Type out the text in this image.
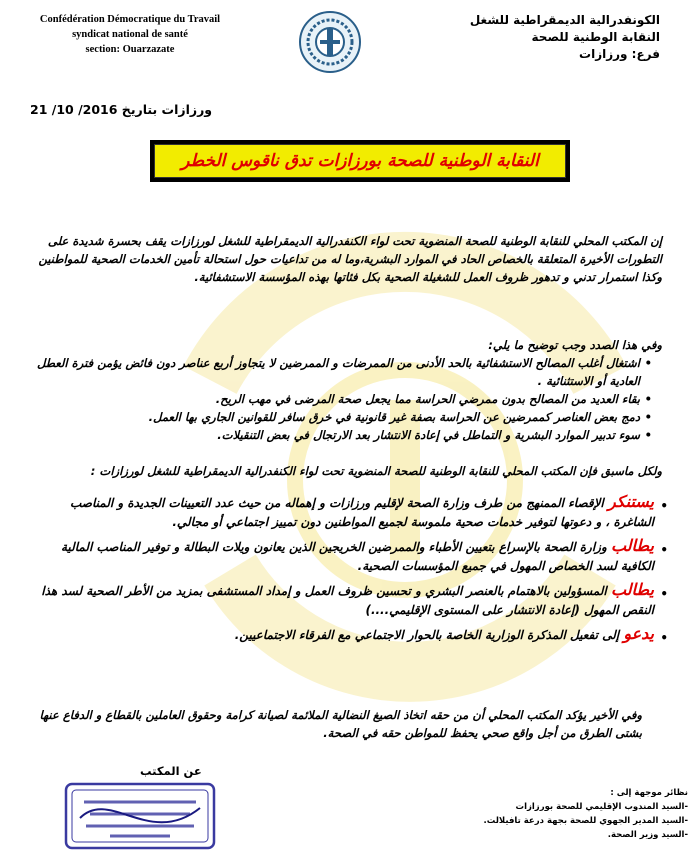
Confédération Démocratique du Travail
syndicat national de santé
section: Ouarzazate
الكونفدرالية الديمقراطية للشغل
النقابة الوطنية للصحة
فرع: ورزازات
ورزازات بتاريخ 2016/ 10/ 21
النقابة الوطنية للصحة بورزازات تدق ناقوس الخطر
إن المكتب المحلي للنقابة الوطنية للصحة المنضوية تحت لواء الكنفدرالية الديمقراطية للشغل لورزازات يقف بحسرة شديدة على التطورات الأخيرة المتعلقة بالخصاص الحاد في الموارد البشرية،وما له من تداعيات حول استحالة تأمين الخدمات الصحية للمواطنين وكذا استمرار تدني و تدهور ظروف العمل للشغيلة الصحية بكل فئاتها بهذه المؤسسة الاستشفائية.
وفي هذا الصدد وجب توضيح ما يلي:
• اشتغال أغلب المصالح الاستشفائية بالحد الأدنى من الممرضات و الممرضين لا يتجاوز أربع عناصر دون فائض يؤمن فترة العطل العادية أو الاستثنائية .
• بقاء العديد من المصالح بدون ممرضي الحراسة مما يجعل صحة المرضى في مهب الريح.
• دمج بعض العناصر كممرضين عن الحراسة بصفة غير قانونية في خرق سافر للقوانين الجاري بها العمل.
• سوء تدبير الموارد البشرية و التماطل في إعادة الانتشار بعد الارتجال في بعض التنقيلات.
ولكل ماسبق فإن المكتب المحلي للنقابة الوطنية للصحة المنضوية تحت لواء الكنفدرالية الديمقراطية للشغل لورزازات :
•
يستنكر الإقصاء الممنهج من طرف وزارة الصحة لإقليم ورزازات و إهماله من حيث عدد التعيينات الجديدة و المناصب الشاغرة ، و دعوتها لتوفير خدمات صحية ملموسة لجميع المواطنين دون تمييز اجتماعي أو مجالي.
•
يطالب وزارة الصحة بالإسراع بتعيين الأطباء والممرضين الخريجين الذين يعانون ويلات البطالة و توفير المناصب المالية الكافية لسد الخصاص المهول في جميع المؤسسات الصحية.
•
يطالب المسؤولين بالاهتمام بالعنصر البشري و تحسين ظروف العمل و إمداد المستشفى بمزيد من الأطر الصحية لسد هذا النقص المهول (إعادة الانتشار على المستوى الإقليمي....)
•
يدعو إلى تفعيل المذكرة الوزارية الخاصة بالحوار الاجتماعي مع الفرقاء الاجتماعيين.
وفي الأخير يؤكد المكتب المحلي أن من حقه اتخاذ الصيغ النضالية الملائمة لصيانة كرامة وحقوق العاملين بالقطاع و الدفاع عنها بشتى الطرق من أجل واقع صحي يحفظ للمواطن حقه في الصحة.
عن المكتب
نظائر موجهة إلى :
-السيد المندوب الإقليمي للصحة بورزازات
-السيد المدير الجهوي للصحة بجهة درعة تافيلالت.
-السيد وزير الصحة.
